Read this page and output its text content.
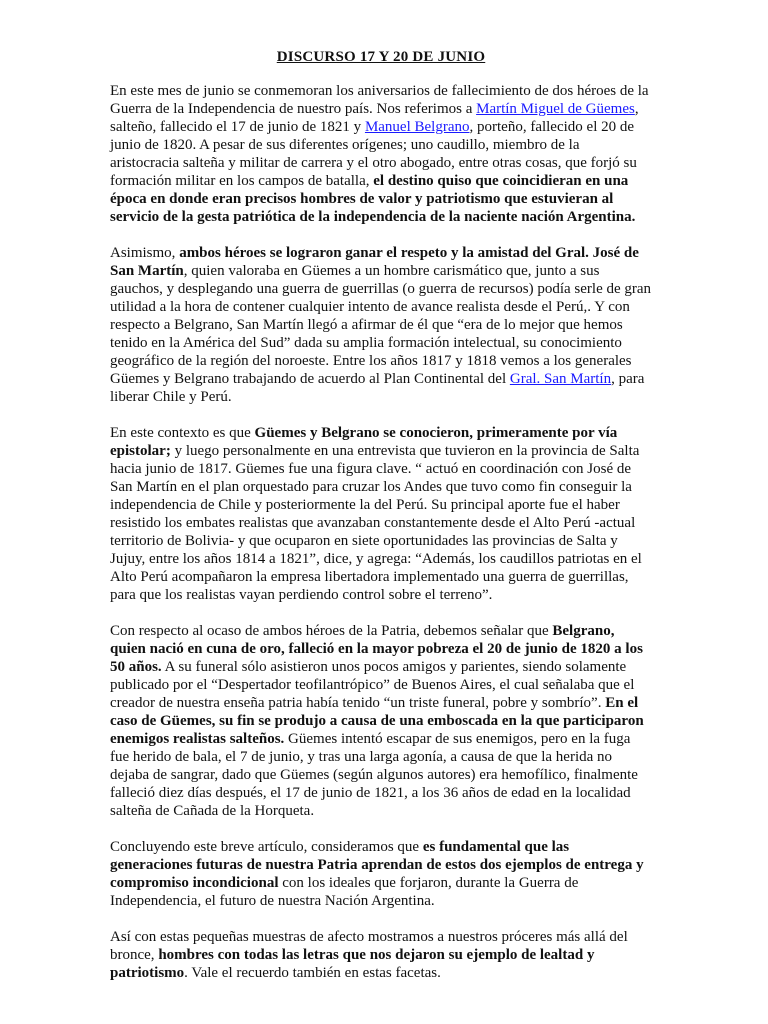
DISCURSO 17 Y 20 DE JUNIO

En este mes de junio se conmemoran los aniversarios de fallecimiento de dos héroes de la Guerra de la Independencia de nuestro país. Nos referimos a Martín Miguel de Güemes, salteño, fallecido el 17 de junio de 1821 y Manuel Belgrano, porteño, fallecido el 20 de junio de 1820. A pesar de sus diferentes orígenes; uno caudillo, miembro de la aristocracia salteña y militar de carrera y el otro abogado, entre otras cosas, que forjó su formación militar en los campos de batalla, el destino quiso que coincidieran en una época en donde eran precisos hombres de valor y patriotismo que estuvieran al servicio de la gesta patriótica de la independencia de la naciente nación Argentina.

Asimismo, ambos héroes se lograron ganar el respeto y la amistad del Gral. José de San Martín, quien valoraba en Güemes a un hombre carismático que, junto a sus gauchos, y desplegando una guerra de guerrillas (o guerra de recursos) podía serle de gran utilidad a la hora de contener cualquier intento de avance realista desde el Perú,. Y con respecto a Belgrano, San Martín llegó a afirmar de él que “era de lo mejor que hemos tenido en la América del Sud” dada su amplia formación intelectual, su conocimiento geográfico de la región del noroeste. Entre los años 1817 y 1818 vemos a los generales Güemes y Belgrano trabajando de acuerdo al Plan Continental del Gral. San Martín, para liberar Chile y Perú.

En este contexto es que Güemes y Belgrano se conocieron, primeramente por vía epistolar; y luego personalmente en una entrevista que tuvieron en la provincia de Salta hacia junio de 1817. Güemes fue una figura clave. “ actuó en coordinación con José de San Martín en el plan orquestado para cruzar los Andes que tuvo como fin conseguir la independencia de Chile y posteriormente la del Perú. Su principal aporte fue el haber resistido los embates realistas que avanzaban constantemente desde el Alto Perú -actual territorio de Bolivia- y que ocuparon en siete oportunidades las provincias de Salta y Jujuy, entre los años 1814 a 1821”, dice, y agrega: “Además, los caudillos patriotas en el Alto Perú acompañaron la empresa libertadora implementado una guerra de guerrillas, para que los realistas vayan perdiendo control sobre el terreno”.

Con respecto al ocaso de ambos héroes de la Patria, debemos señalar que Belgrano, quien nació en cuna de oro, falleció en la mayor pobreza el 20 de junio de 1820 a los 50 años. A su funeral sólo asistieron unos pocos amigos y parientes, siendo solamente publicado por el “Despertador teofilantrópico” de Buenos Aires, el cual señalaba que el creador de nuestra enseña patria había tenido “un triste funeral, pobre y sombrío”. En el caso de Güemes, su fin se produjo a causa de una emboscada en la que participaron enemigos realistas salteños. Güemes intentó escapar de sus enemigos, pero en la fuga fue herido de bala, el 7 de junio, y tras una larga agonía, a causa de que la herida no dejaba de sangrar, dado que Güemes (según algunos autores) era hemofílico, finalmente falleció diez días después, el 17 de junio de 1821, a los 36 años de edad en la localidad salteña de Cañada de la Horqueta.

Concluyendo este breve artículo, consideramos que es fundamental que las generaciones futuras de nuestra Patria aprendan de estos dos ejemplos de entrega y compromiso incondicional con los ideales que forjaron, durante la Guerra de Independencia, el futuro de nuestra Nación Argentina.

Así con estas pequeñas muestras de afecto mostramos a nuestros próceres más allá del bronce, hombres con todas las letras que nos dejaron su ejemplo de lealtad y patriotismo. Vale el recuerdo también en estas facetas.
